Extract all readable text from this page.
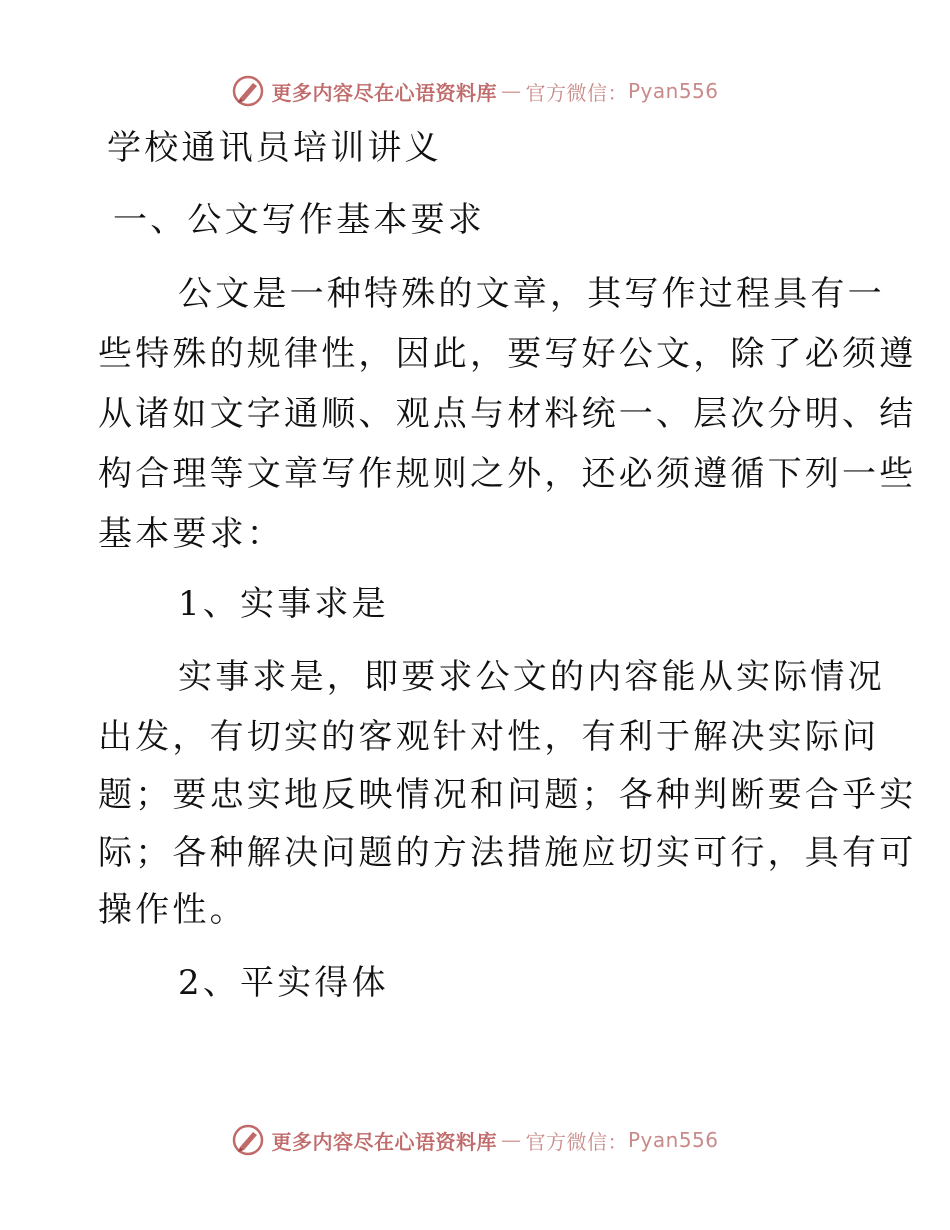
更多内容尽在心语资料库 — 官方微信： Pyan556
学校通讯员培训讲义
一、公文写作基本要求
公文是一种特殊的文章，其写作过程具有一
些特殊的规律性，因此，要写好公文，除了必须遵
从诸如文字通顺、观点与材料统一、层次分明、结
构合理等文章写作规则之外，还必须遵循下列一些
基本要求：
1、实事求是
实事求是，即要求公文的内容能从实际情况
出发，有切实的客观针对性，有利于解决实际问
题；要忠实地反映情况和问题；各种判断要合乎实
际；各种解决问题的方法措施应切实可行，具有可
操作性。
2、平实得体
更多内容尽在心语资料库 — 官方微信： Pyan556
